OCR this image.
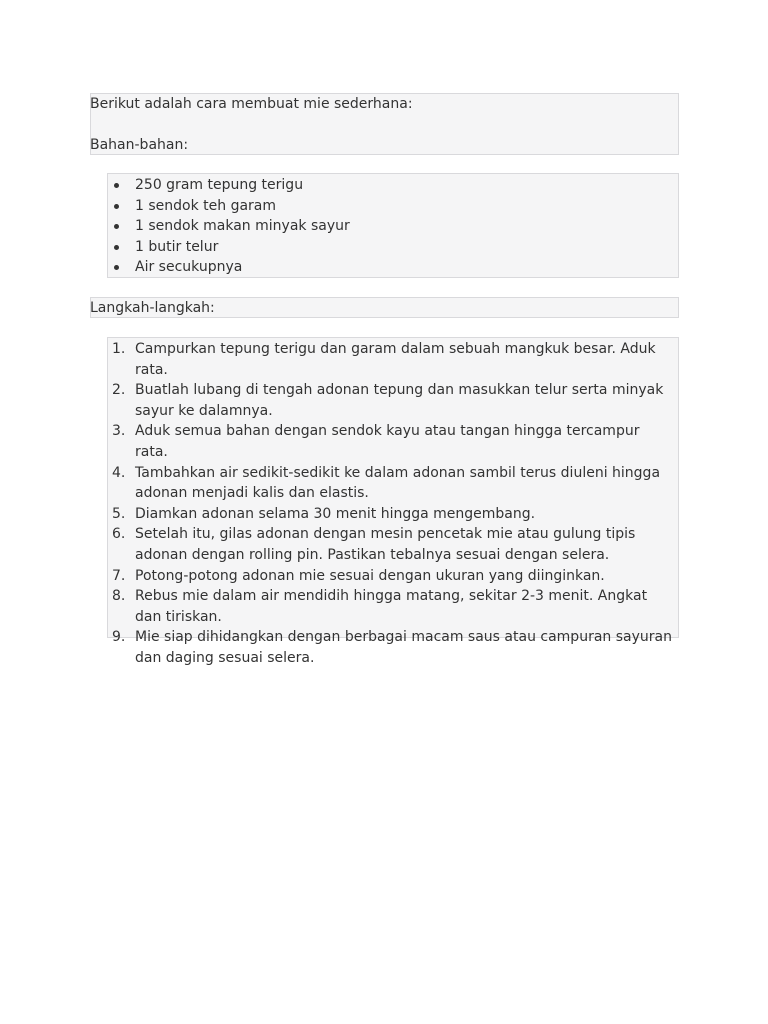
Berikut adalah cara membuat mie sederhana:

Bahan-bahan:

250 gram tepung terigu
1 sendok teh garam
1 sendok makan minyak sayur
1 butir telur
Air secukupnya

Langkah-langkah:

1. Campurkan tepung terigu dan garam dalam sebuah mangkuk besar. Aduk rata.
2. Buatlah lubang di tengah adonan tepung dan masukkan telur serta minyak sayur ke dalamnya.
3. Aduk semua bahan dengan sendok kayu atau tangan hingga tercampur rata.
4. Tambahkan air sedikit-sedikit ke dalam adonan sambil terus diuleni hingga adonan menjadi kalis dan elastis.
5. Diamkan adonan selama 30 menit hingga mengembang.
6. Setelah itu, gilas adonan dengan mesin pencetak mie atau gulung tipis adonan dengan rolling pin. Pastikan tebalnya sesuai dengan selera.
7. Potong-potong adonan mie sesuai dengan ukuran yang diinginkan.
8. Rebus mie dalam air mendidih hingga matang, sekitar 2-3 menit. Angkat dan tiriskan.
9. Mie siap dihidangkan dengan berbagai macam saus atau campuran sayuran dan daging sesuai selera.
